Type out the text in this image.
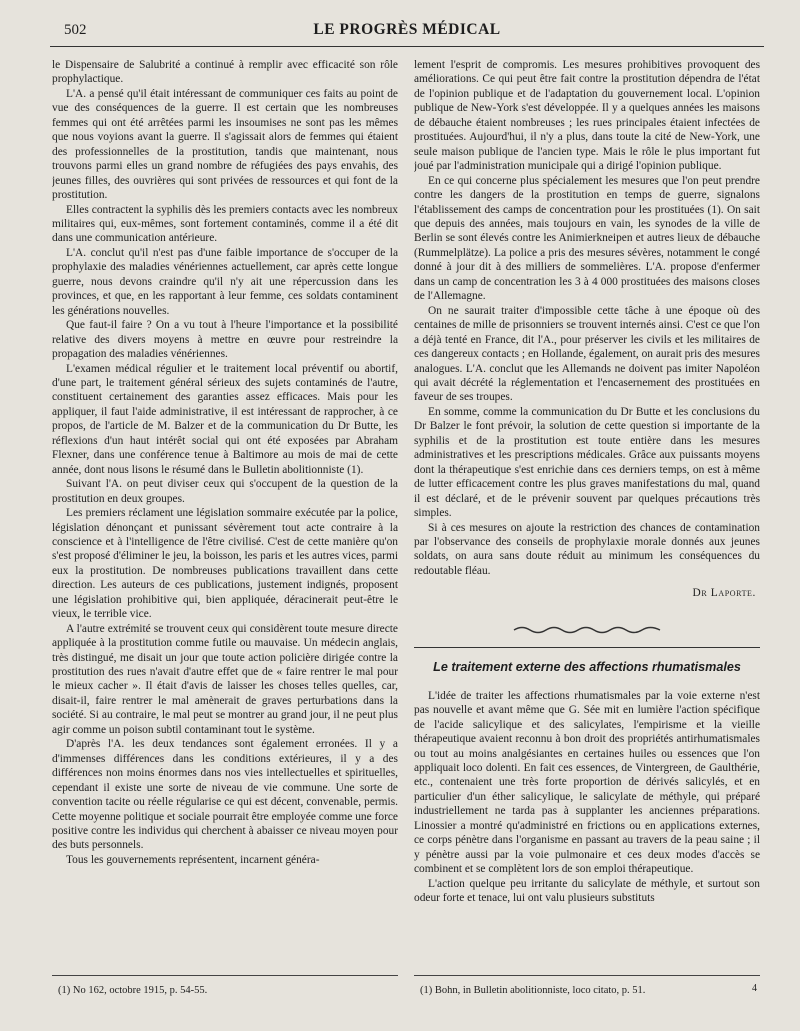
502	LE PROGRÈS MÉDICAL

le Dispensaire de Salubrité a continué à remplir avec efficacité son rôle prophylactique.

L'A. a pensé qu'il était intéressant de communiquer ces faits au point de vue des conséquences de la guerre. Il est certain que les nombreuses femmes qui ont été arrêtées parmi les insoumises ne sont pas les mêmes que nous voyions avant la guerre. Il s'agissait alors de femmes qui étaient des professionnelles de la prostitution, tandis que maintenant, nous trouvons parmi elles un grand nombre de réfugiées des pays envahis, des jeunes filles, des ouvrières qui sont privées de ressources et qui font de la prostitution.

Elles contractent la syphilis dès les premiers contacts avec les nombreux militaires qui, eux-mêmes, sont fortement contaminés, comme il a été dit dans une communication antérieure.

L'A. conclut qu'il n'est pas d'une faible importance de s'occuper de la prophylaxie des maladies vénériennes actuellement, car après cette longue guerre, nous devons craindre qu'il n'y ait une répercussion dans les provinces, et que, en les rapportant à leur femme, ces soldats contaminent les générations nouvelles.

Que faut-il faire ? On a vu tout à l'heure l'importance et la possibilité relative des divers moyens à mettre en œuvre pour restreindre la propagation des maladies vénériennes.

L'examen médical régulier et le traitement local préventif ou abortif, d'une part, le traitement général sérieux des sujets contaminés de l'autre, constituent certainement des garanties assez efficaces. Mais pour les appliquer, il faut l'aide administrative, il est intéressant de rapprocher, à ce propos, de l'article de M. Balzer et de la communication du Dr Butte, les réflexions d'un haut intérêt social qui ont été exposées par Abraham Flexner, dans une conférence tenue à Baltimore au mois de mai de cette année, dont nous lisons le résumé dans le Bulletin abolitionniste (1).

Suivant l'A. on peut diviser ceux qui s'occupent de la question de la prostitution en deux groupes.

Les premiers réclament une législation sommaire exécutée par la police, législation dénonçant et punissant sévèrement tout acte contraire à la conscience et à l'intelligence de l'être civilisé. C'est de cette manière qu'on s'est proposé d'éliminer le jeu, la boisson, les paris et les autres vices, parmi eux la prostitution. De nombreuses publications travaillent dans cette direction. Les auteurs de ces publications, justement indignés, proposent une législation prohibitive qui, bien appliquée, déracinerait peut-être le vieux, le terrible vice.

A l'autre extrémité se trouvent ceux qui considèrent toute mesure directe appliquée à la prostitution comme futile ou mauvaise. Un médecin anglais, très distingué, me disait un jour que toute action policière dirigée contre la prostitution des rues n'avait d'autre effet que de « faire rentrer le mal pour le mieux cacher ». Il était d'avis de laisser les choses telles quelles, car, disait-il, faire rentrer le mal amènerait de graves perturbations dans la société. Si au contraire, le mal peut se montrer au grand jour, il ne peut plus agir comme un poison subtil contaminant tout le système.

D'après l'A. les deux tendances sont également erronées. Il y a d'immenses différences dans les conditions extérieures, il y a des différences non moins énormes dans nos vies intellectuelles et spirituelles, cependant il existe une sorte de niveau de vie commune. Une sorte de convention tacite ou réelle régularise ce qui est décent, convenable, permis. Cette moyenne politique et sociale pourrait être employée comme une force positive contre les individus qui cherchent à abaisser ce niveau moyen pour des buts personnels.

Tous les gouvernements représentent, incarnent généra-

lement l'esprit de compromis. Les mesures prohibitives provoquent des améliorations. Ce qui peut être fait contre la prostitution dépendra de l'état de l'opinion publique et de l'adaptation du gouvernement local. L'opinion publique de New-York s'est développée. Il y a quelques années les maisons de débauche étaient nombreuses ; les rues principales étaient infectées de prostituées. Aujourd'hui, il n'y a plus, dans toute la cité de New-York, une seule maison publique de l'ancien type. Mais le rôle le plus important fut joué par l'administration municipale qui a dirigé l'opinion publique.

En ce qui concerne plus spécialement les mesures que l'on peut prendre contre les dangers de la prostitution en temps de guerre, signalons l'établissement des camps de concentration pour les prostituées (1). On sait que depuis des années, mais toujours en vain, les synodes de la ville de Berlin se sont élevés contre les Animierkneipen et autres lieux de débauche (Rummelplätze). La police a pris des mesures sévères, notamment le congé donné à jour dit à des milliers de sommelières. L'A. propose d'enfermer dans un camp de concentration les 3 à 4 000 prostituées des maisons closes de l'Allemagne.

On ne saurait traiter d'impossible cette tâche à une époque où des centaines de mille de prisonniers se trouvent internés ainsi. C'est ce que l'on a déjà tenté en France, dit l'A., pour préserver les civils et les militaires de ces dangereux contacts ; en Hollande, également, on aurait pris des mesures analogues. L'A. conclut que les Allemands ne doivent pas imiter Napoléon qui avait décrété la réglementation et l'encasernement des prostituées en faveur de ses troupes.

En somme, comme la communication du Dr Butte et les conclusions du Dr Balzer le font prévoir, la solution de cette question si importante de la syphilis et de la prostitution est toute entière dans les mesures administratives et les prescriptions médicales. Grâce aux puissants moyens dont la thérapeutique s'est enrichie dans ces derniers temps, on est à même de lutter efficacement contre les plus graves manifestations du mal, quand il est déclaré, et de le prévenir souvent par quelques précautions très simples.

Si à ces mesures on ajoute la restriction des chances de contamination par l'observance des conseils de prophylaxie morale donnés aux jeunes soldats, on aura sans doute réduit au minimum les conséquences du redoutable fléau.

Dr Laporte.
Le traitement externe des affections rhumatismales

L'idée de traiter les affections rhumatismales par la voie externe n'est pas nouvelle et avant même que G. Sée mit en lumière l'action spécifique de l'acide salicylique et des salicylates, l'empirisme et la vieille thérapeutique avaient reconnu à bon droit des propriétés antirhumatismales ou tout au moins analgésiantes en certaines huiles ou essences que l'on appliquait loco dolenti. En fait ces essences, de Vintergreen, de Gaulthérie, etc., contenaient une très forte proportion de dérivés salicylés, et en particulier d'un éther salicylique, le salicylate de méthyle, qui préparé industriellement ne tarda pas à supplanter les anciennes préparations. Linossier a montré qu'administré en frictions ou en applications externes, ce corps pénètre dans l'organisme en passant au travers de la peau saine ; il y pénètre aussi par la voie pulmonaire et ces deux modes d'accès se combinent et se complètent lors de son emploi thérapeutique.

L'action quelque peu irritante du salicylate de méthyle, et surtout son odeur forte et tenace, lui ont valu plusieurs substituts

(1) No 162, octobre 1915, p. 54-55.	(1) Bohn, in Bulletin abolitionniste, loco citato, p. 51.	4
